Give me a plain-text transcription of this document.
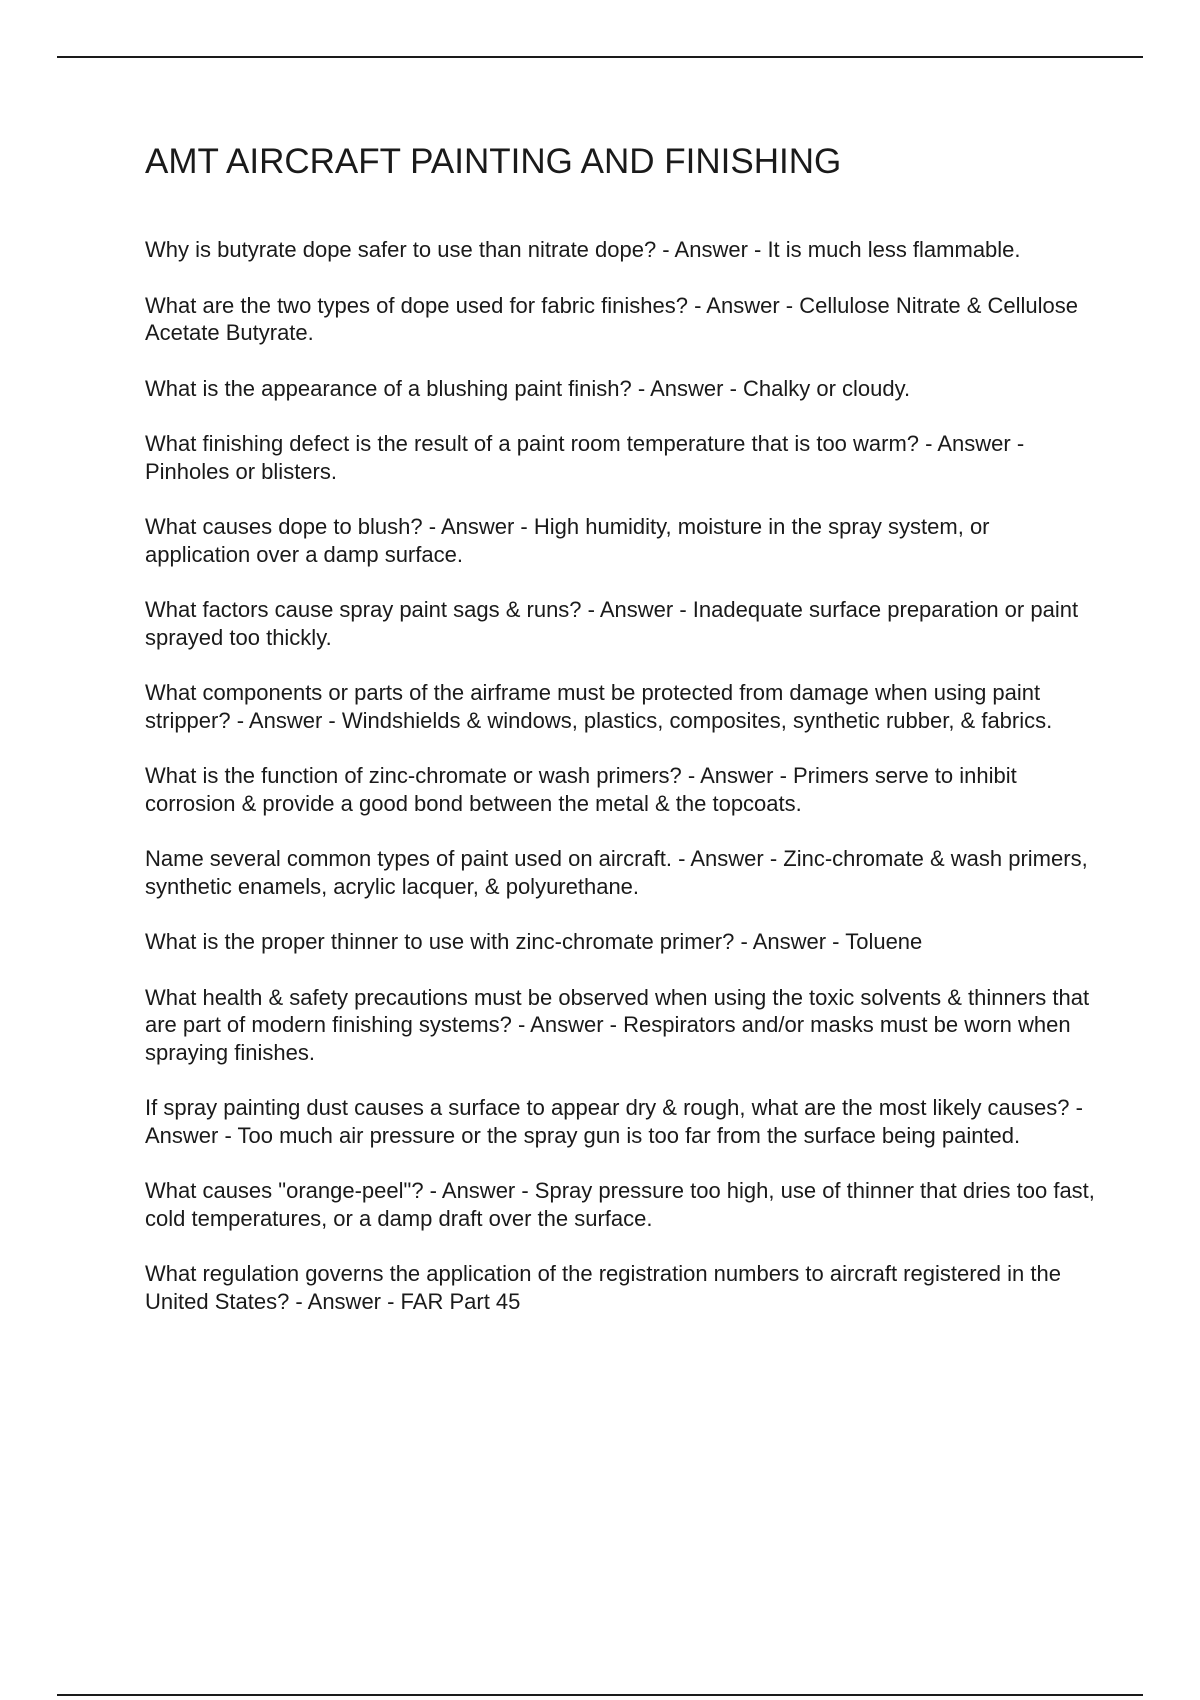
AMT AIRCRAFT PAINTING AND FINISHING

Why is butyrate dope safer to use than nitrate dope? - Answer - It is much less flammable.

What are the two types of dope used for fabric finishes? - Answer - Cellulose Nitrate & Cellulose Acetate Butyrate.

What is the appearance of a blushing paint finish? - Answer - Chalky or cloudy.

What finishing defect is the result of a paint room temperature that is too warm? - Answer - Pinholes or blisters.

What causes dope to blush? - Answer - High humidity, moisture in the spray system, or application over a damp surface.

What factors cause spray paint sags & runs? - Answer - Inadequate surface preparation or paint sprayed too thickly.

What components or parts of the airframe must be protected from damage when using paint stripper? - Answer - Windshields & windows, plastics, composites, synthetic rubber, & fabrics.

What is the function of zinc-chromate or wash primers? - Answer - Primers serve to inhibit corrosion & provide a good bond between the metal & the topcoats.

Name several common types of paint used on aircraft. - Answer - Zinc-chromate & wash primers, synthetic enamels, acrylic lacquer, & polyurethane.

What is the proper thinner to use with zinc-chromate primer? - Answer - Toluene

What health & safety precautions must be observed when using the toxic solvents & thinners that are part of modern finishing systems? - Answer - Respirators and/or masks must be worn when spraying finishes.

If spray painting dust causes a surface to appear dry & rough, what are the most likely causes? - Answer - Too much air pressure or the spray gun is too far from the surface being painted.

What causes "orange-peel"? - Answer - Spray pressure too high, use of thinner that dries too fast, cold temperatures, or a damp draft over the surface.

What regulation governs the application of the registration numbers to aircraft registered in the United States? - Answer - FAR Part 45
